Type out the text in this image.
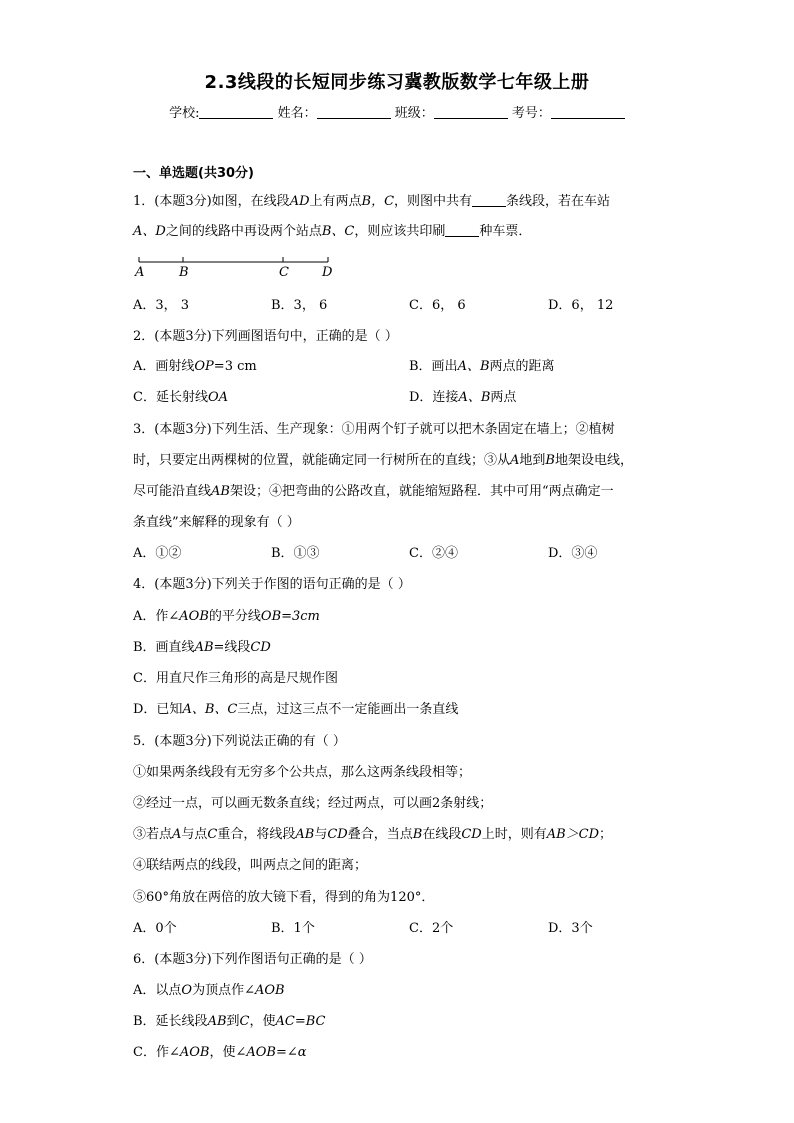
2.3线段的长短同步练习冀教版数学七年级上册
学校:	姓名：	班级：	考号：
一、单选题(共30分)
1．(本题3分)如图，在线段AD上有两点B，C，则图中共有	条线段，若在车站
A、D之间的线路中再设两个站点B、C，则应该共印刷	种车票．
A	B	C	D
A．3， 3	B．3， 6	C．6， 6	D．6， 12
2．(本题3分)下列画图语句中，正确的是（ ）
A．画射线OP=3 cm	B．画出A、B两点的距离
C．延长射线OA	D．连接A、B两点
3．(本题3分)下列生活、生产现象：①用两个钉子就可以把木条固定在墙上；②植树
时，只要定出两棵树的位置，就能确定同一行树所在的直线；③从A地到B地架设电线，
尽可能沿直线AB架设；④把弯曲的公路改直，就能缩短路程．其中可用“两点确定一
条直线”来解释的现象有（ ）
A．①②	B．①③	C．②④	D．③④
4．(本题3分)下列关于作图的语句正确的是（ ）
A．作∠AOB的平分线OB=3cm
B．画直线AB=线段CD
C．用直尺作三角形的高是尺规作图
D．已知A、B、C三点，过这三点不一定能画出一条直线
5．(本题3分)下列说法正确的有（ ）
①如果两条线段有无穷多个公共点，那么这两条线段相等；
②经过一点，可以画无数条直线；经过两点，可以画2条射线；
③若点A与点C重合，将线段AB与CD叠合，当点B在线段CD上时，则有AB＞CD；
④联结两点的线段，叫两点之间的距离；
⑤60°角放在两倍的放大镜下看，得到的角为120°．
A．0个	B．1个	C．2个	D．3个
6．(本题3分)下列作图语句正确的是（ ）
A．以点O为顶点作∠AOB
B．延长线段AB到C，使AC=BC
C．作∠AOB，使∠AOB=∠α
